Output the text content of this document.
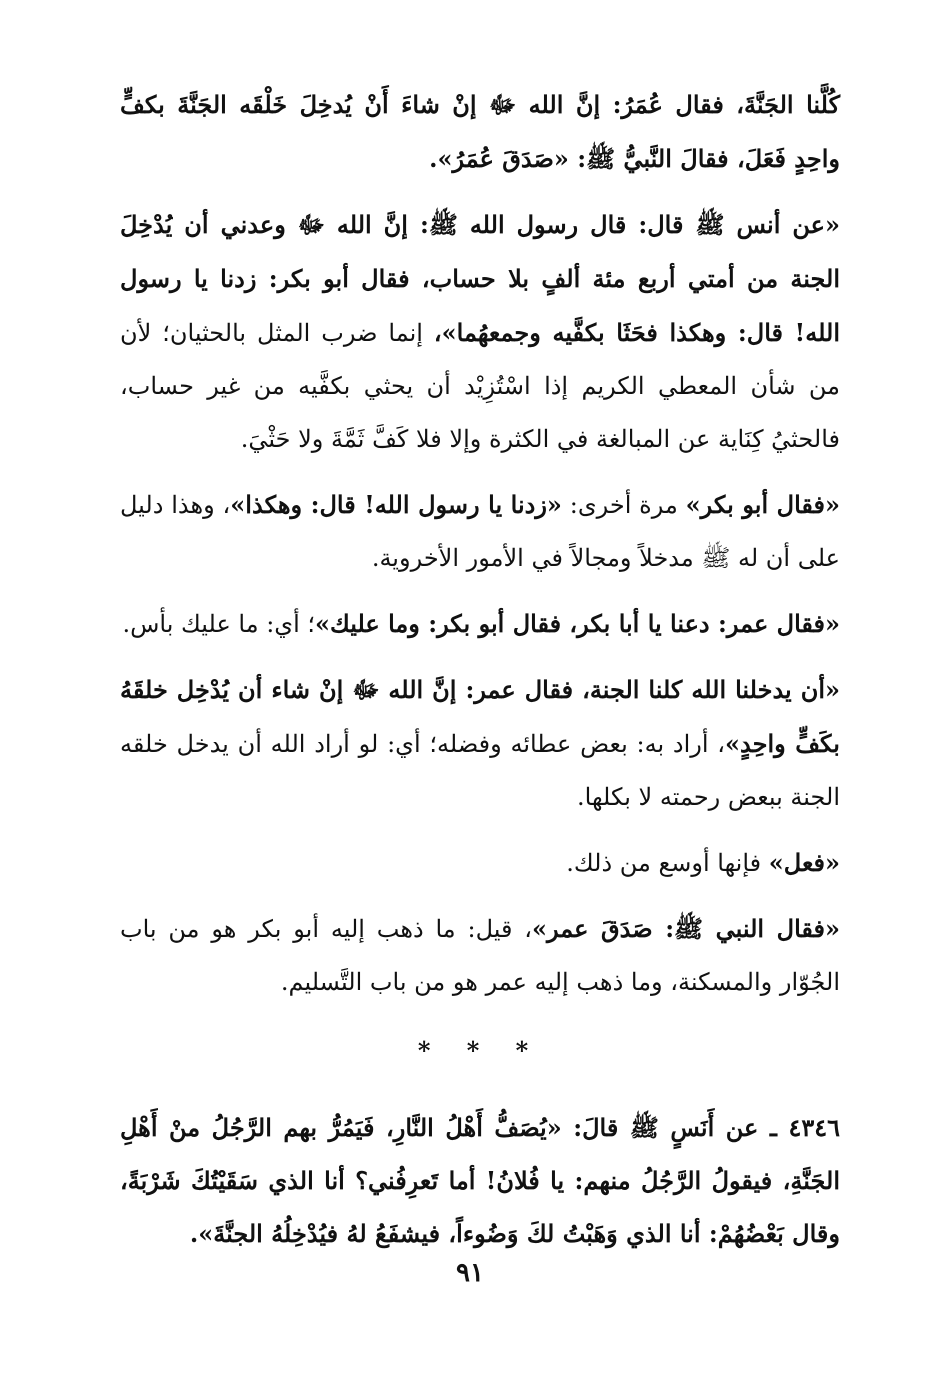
كُلَّنا الجَنَّةَ، فقال عُمَرُ: إنَّ الله ﷻ إنْ شاءَ أَنْ يُدخِلَ خَلْقَه الجَنَّةَ بكفٍّ واحِدٍ فَعَلَ، فقالَ النَّبيُّ ﷺ: «صَدَقَ عُمَرُ».

«عن أنس ﷺ قال: قال رسول الله ﷺ: إنَّ الله ﷻ وعدني أن يُدْخِلَ الجنة من أمتي أربع مئة ألفٍ بلا حساب، فقال أبو بكر: زدنا يا رسول الله! قال: وهكذا فحَثَا بكفَّيه وجمعهُما»، إنما ضرب المثل بالحثيان؛ لأن من شأن المعطي الكريم إذا اسْتُزِيْد أن يحثي بكفَّيه من غير حساب، فالحثيُ كِنَاية عن المبالغة في الكثرة وإلا فلا كَفَّ ثَمَّةَ ولا حَثْيَ.

«فقال أبو بكر» مرة أخرى: «زدنا يا رسول الله! قال: وهكذا»، وهذا دليل على أن له ﷺ مدخلاً ومجالاً في الأمور الأخروية.

«فقال عمر: دعنا يا أبا بكر، فقال أبو بكر: وما عليك»؛ أي: ما عليك بأس.

«أن يدخلنا الله كلنا الجنة، فقال عمر: إنَّ الله ﷻ إنْ شاء أن يُدْخِل خلقَهُ بكَفٍّ واحِدٍ»، أراد به: بعض عطائه وفضله؛ أي: لو أراد الله أن يدخل خلقه الجنة ببعض رحمته لا بكلها.

«فعل» فإنها أوسع من ذلك.

«فقال النبي ﷺ: صَدَقَ عمر»، قيل: ما ذهب إليه أبو بكر هو من باب الجُوّار والمسكنة، وما ذهب إليه عمر هو من باب التَّسليم.

* * *

٤٣٤٦ ـ عن أَنَسٍ ﷺ قالَ: «يُصَفُّ أَهْلُ النَّارِ، فَيَمُرُّ بهم الرَّجُلُ منْ أَهْلِ الجَنَّةِ، فيقولُ الرَّجُلُ منهم: يا فُلانُ! أما تَعرِفُني؟ أنا الذي سَقَيْتُكَ شَرْبَةً، وقال بَعْضُهُمْ: أنا الذي وَهَبْتُ لكَ وَضُوءاً، فيشفَعُ لهُ فيُدْخِلُهُ الجنَّةَ».

٩١
